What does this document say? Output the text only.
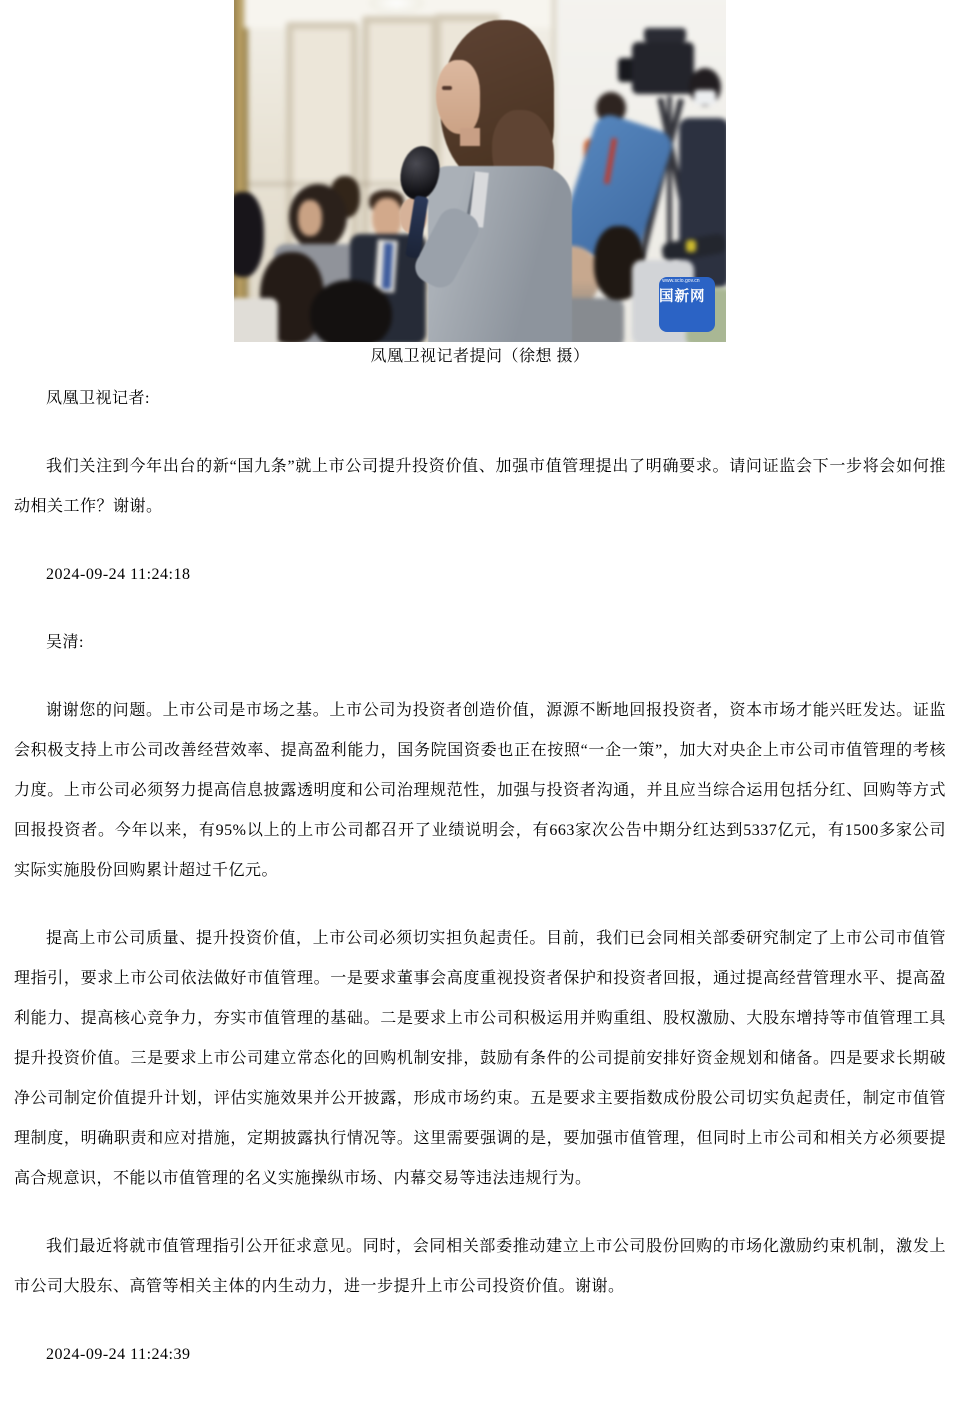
国新网
www.scio.gov.cn
凤凰卫视记者提问（徐想 摄）

凤凰卫视记者:

我们关注到今年出台的新“国九条”就上市公司提升投资价值、加强市值管理提出了明确要求。请问证监会下一步将会如何推动相关工作？谢谢。

2024-09-24 11:24:18

吴清:

谢谢您的问题。上市公司是市场之基。上市公司为投资者创造价值，源源不断地回报投资者，资本市场才能兴旺发达。证监会积极支持上市公司改善经营效率、提高盈利能力，国务院国资委也正在按照“一企一策”，加大对央企上市公司市值管理的考核力度。上市公司必须努力提高信息披露透明度和公司治理规范性，加强与投资者沟通，并且应当综合运用包括分红、回购等方式回报投资者。今年以来，有95%以上的上市公司都召开了业绩说明会，有663家次公告中期分红达到5337亿元，有1500多家公司实际实施股份回购累计超过千亿元。

提高上市公司质量、提升投资价值，上市公司必须切实担负起责任。目前，我们已会同相关部委研究制定了上市公司市值管理指引，要求上市公司依法做好市值管理。一是要求董事会高度重视投资者保护和投资者回报，通过提高经营管理水平、提高盈利能力、提高核心竞争力，夯实市值管理的基础。二是要求上市公司积极运用并购重组、股权激励、大股东增持等市值管理工具提升投资价值。三是要求上市公司建立常态化的回购机制安排，鼓励有条件的公司提前安排好资金规划和储备。四是要求长期破净公司制定价值提升计划，评估实施效果并公开披露，形成市场约束。五是要求主要指数成份股公司切实负起责任，制定市值管理制度，明确职责和应对措施，定期披露执行情况等。这里需要强调的是，要加强市值管理，但同时上市公司和相关方必须要提高合规意识，不能以市值管理的名义实施操纵市场、内幕交易等违法违规行为。

我们最近将就市值管理指引公开征求意见。同时，会同相关部委推动建立上市公司股份回购的市场化激励约束机制，激发上市公司大股东、高管等相关主体的内生动力，进一步提升上市公司投资价值。谢谢。

2024-09-24 11:24:39
